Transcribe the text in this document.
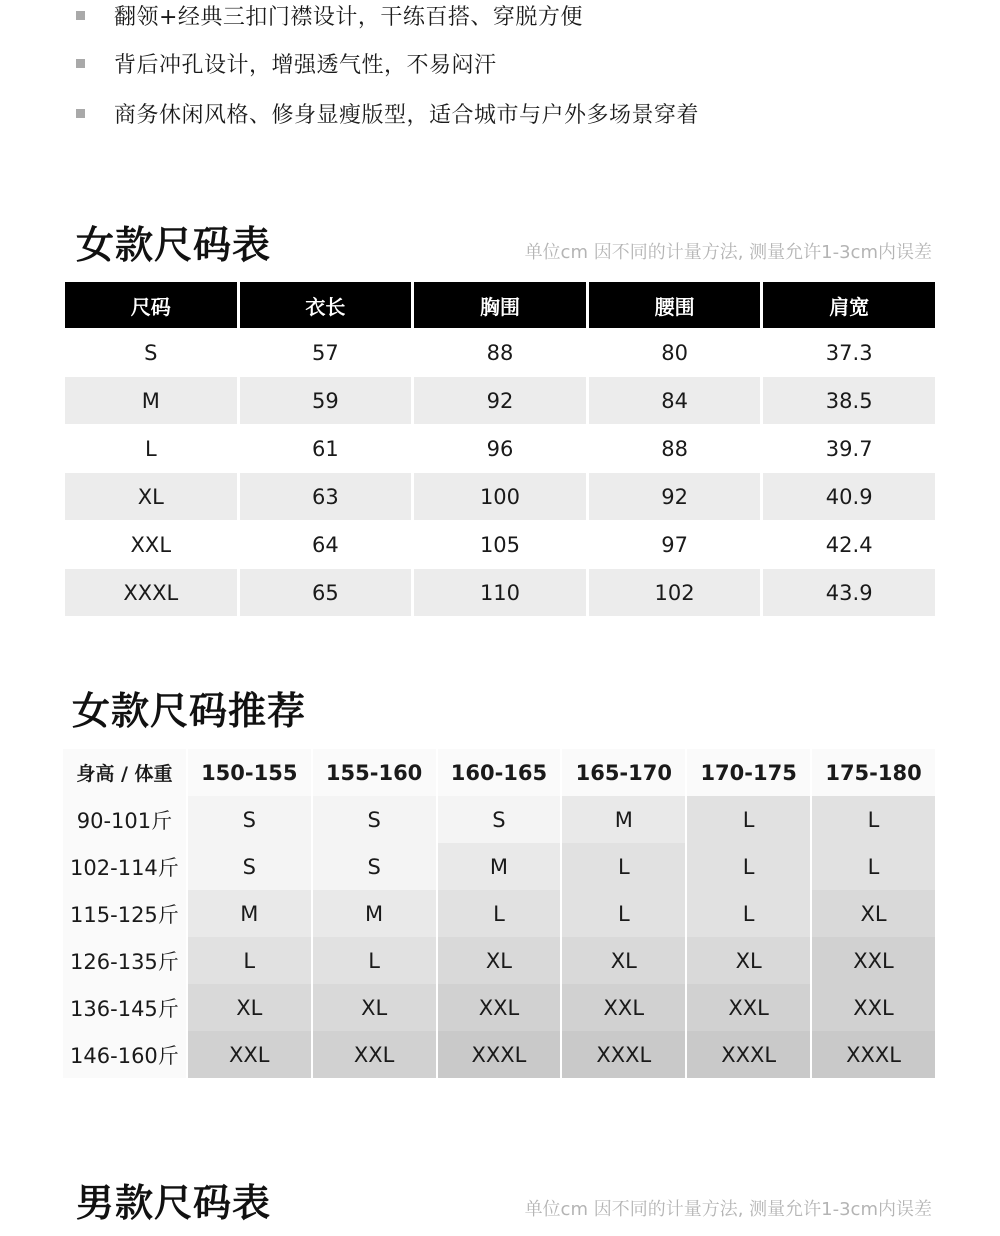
翻领+经典三扣门襟设计，干练百搭、穿脱方便
背后冲孔设计，增强透气性，不易闷汗
商务休闲风格、修身显瘦版型，适合城市与户外多场景穿着
女款尺码表	单位cm 因不同的计量方法, 测量允许1-3cm内误差
尺码	衣长	胸围	腰围	肩宽
S	57	88	80	37.3
M	59	92	84	38.5
L	61	96	88	39.7
XL	63	100	92	40.9
XXL	64	105	97	42.4
XXXL	65	110	102	43.9
女款尺码推荐
身高 / 体重	150-155	155-160	160-165	165-170	170-175	175-180
90-101斤	S	S	S	M	L	L
102-114斤	S	S	M	L	L	L
115-125斤	M	M	L	L	L	XL
126-135斤	L	L	XL	XL	XL	XXL
136-145斤	XL	XL	XXL	XXL	XXL	XXL
146-160斤	XXL	XXL	XXXL	XXXL	XXXL	XXXL
男款尺码表	单位cm 因不同的计量方法, 测量允许1-3cm内误差
